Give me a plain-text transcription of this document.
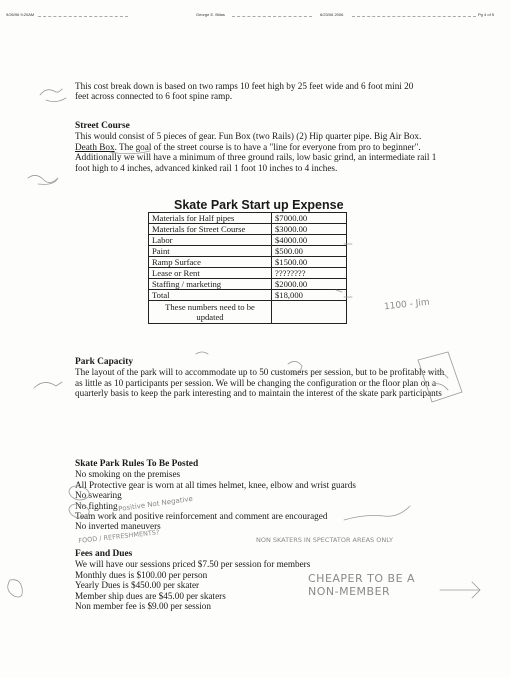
9/26/96 9:20AM	George E. Bilias	6/23/06 2006	Pg 4 of 5

This cost break down is based on two ramps 10 feet high by 25 feet wide and 6 foot mini 20 feet across connected to 6 foot spine ramp.

Street Course

This would consist of 5 pieces of gear. Fun Box (two Rails) (2) Hip quarter pipe. Big Air Box. Death Box. The goal of the street course is to have a "line for everyone from pro to beginner". Additionally we will have a minimum of three ground rails, low basic grind, an intermediate rail 1 foot high to 4 inches, advanced kinked rail 1 foot 10 inches to 4 inches.

Skate Park Start up Expense
Materials for Half pipes	$7000.00
Materials for Street Course	$3000.00
Labor	$4000.00
Paint	$500.00
Ramp Surface	$1500.00
Lease or Rent	????????
Staffing / marketing	$2000.00
Total	$18,000
These numbers need to be updated	

Park Capacity

The layout of the park will to accommodate up to 50 customers per session, but to be profitable with as little as 10 participants per session. We will be changing the configuration or the floor plan on a quarterly basis to keep the park interesting and to maintain the interest of the skate park participants

Skate Park Rules To Be Posted

No smoking on the premises

All Protective gear is worn at all times helmet, knee, elbow and wrist guards

No swearing

No fighting

Team work and positive reinforcement and comment are encouraged

No inverted maneuvers

Fees and Dues

We will have our sessions priced $7.50 per session for members

Monthly dues is $100.00 per person

Yearly Dues is $450.00 per skater

Member ship dues are $45.00 per skaters

Non member fee is $9.00 per session

CHEAPER TO BE A NON-MEMBER
NON SKATERS IN SPECTATOR AREAS ONLY
FOOD / REFRESHMENTS?
Positive Not Negative
1100 - Jim
